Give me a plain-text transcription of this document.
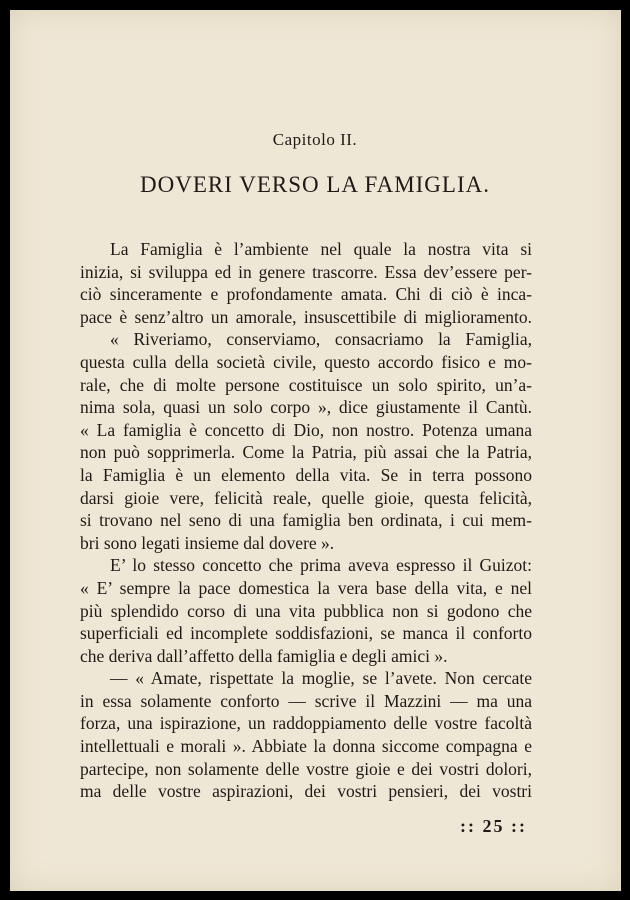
Capitolo II.
DOVERI VERSO LA FAMIGLIA.
La Famiglia è l’ambiente nel quale la nostra vita si
inizia, si sviluppa ed in genere trascorre. Essa dev’essere per-
ciò sinceramente e profondamente amata. Chi di ciò è inca-
pace è senz’altro un amorale, insuscettibile di miglioramento.
« Riveriamo, conserviamo, consacriamo la Famiglia,
questa culla della società civile, questo accordo fisico e mo-
rale, che di molte persone costituisce un solo spirito, un’a-
nima sola, quasi un solo corpo », dice giustamente il Cantù.
« La famiglia è concetto di Dio, non nostro. Potenza umana
non può sopprimerla. Come la Patria, più assai che la Patria,
la Famiglia è un elemento della vita. Se in terra possono
darsi gioie vere, felicità reale, quelle gioie, questa felicità,
si trovano nel seno di una famiglia ben ordinata, i cui mem-
bri sono legati insieme dal dovere ».
E’ lo stesso concetto che prima aveva espresso il Guizot:
« E’ sempre la pace domestica la vera base della vita, e nel
più splendido corso di una vita pubblica non si godono che
superficiali ed incomplete soddisfazioni, se manca il conforto
che deriva dall’affetto della famiglia e degli amici ».
— « Amate, rispettate la moglie, se l’avete. Non cercate
in essa solamente conforto — scrive il Mazzini — ma una
forza, una ispirazione, un raddoppiamento delle vostre facoltà
intellettuali e morali ». Abbiate la donna siccome compagna e
partecipe, non solamente delle vostre gioie e dei vostri dolori,
ma delle vostre aspirazioni, dei vostri pensieri, dei vostri
:: 25 ::
